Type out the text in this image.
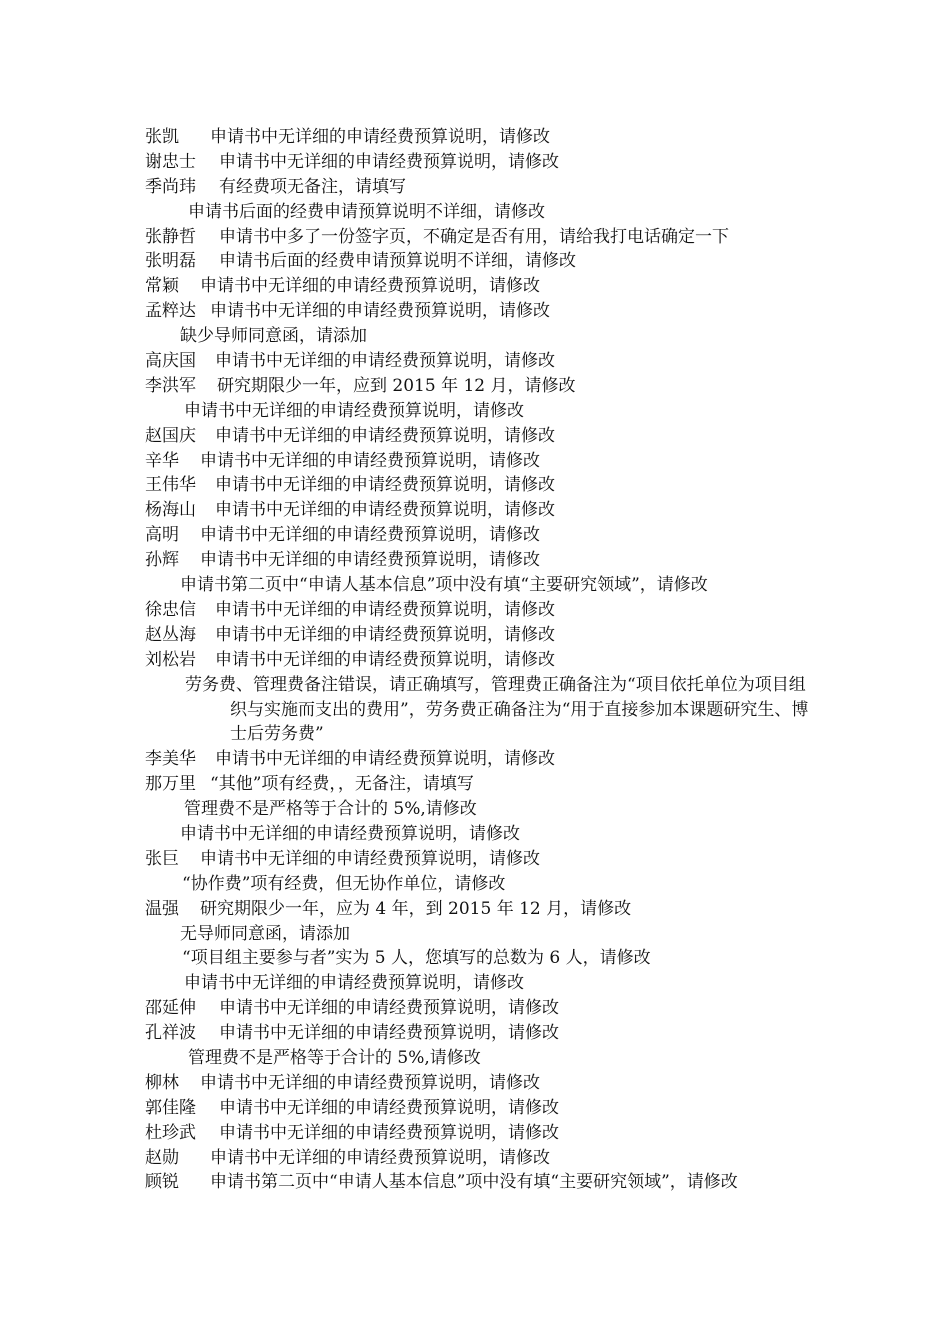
张凯 申请书中无详细的申请经费预算说明，请修改
谢忠士 申请书中无详细的申请经费预算说明，请修改
季尚玮 有经费项无备注，请填写
申请书后面的经费申请预算说明不详细，请修改
张静哲 申请书中多了一份签字页，不确定是否有用，请给我打电话确定一下
张明磊 申请书后面的经费申请预算说明不详细，请修改
常颖 申请书中无详细的申请经费预算说明，请修改
孟粹达 申请书中无详细的申请经费预算说明，请修改
缺少导师同意函，请添加
高庆国 申请书中无详细的申请经费预算说明，请修改
李洪军 研究期限少一年，应到 2015 年 12 月，请修改
申请书中无详细的申请经费预算说明，请修改
赵国庆 申请书中无详细的申请经费预算说明，请修改
辛华 申请书中无详细的申请经费预算说明，请修改
王伟华 申请书中无详细的申请经费预算说明，请修改
杨海山 申请书中无详细的申请经费预算说明，请修改
高明 申请书中无详细的申请经费预算说明，请修改
孙辉 申请书中无详细的申请经费预算说明，请修改
申请书第二页中“申请人基本信息”项中没有填“主要研究领域”，请修改
徐忠信 申请书中无详细的申请经费预算说明，请修改
赵丛海 申请书中无详细的申请经费预算说明，请修改
刘松岩 申请书中无详细的申请经费预算说明，请修改
劳务费、管理费备注错误，请正确填写，管理费正确备注为“项目依托单位为项目组织与实施而支出的费用”，劳务费正确备注为“用于直接参加本课题研究生、博士后劳务费”
李美华 申请书中无详细的申请经费预算说明，请修改
那万里 “其他”项有经费，，无备注，请填写
管理费不是严格等于合计的 5%,请修改
申请书中无详细的申请经费预算说明，请修改
张巨 申请书中无详细的申请经费预算说明，请修改
“协作费”项有经费，但无协作单位，请修改
温强 研究期限少一年，应为 4 年，到 2015 年 12 月，请修改
无导师同意函，请添加
“项目组主要参与者”实为 5 人，您填写的总数为 6 人，请修改
申请书中无详细的申请经费预算说明，请修改
邵延伸 申请书中无详细的申请经费预算说明，请修改
孔祥波 申请书中无详细的申请经费预算说明，请修改
管理费不是严格等于合计的 5%,请修改
柳林 申请书中无详细的申请经费预算说明，请修改
郭佳隆 申请书中无详细的申请经费预算说明，请修改
杜珍武 申请书中无详细的申请经费预算说明，请修改
赵勋 申请书中无详细的申请经费预算说明，请修改
顾锐 申请书第二页中“申请人基本信息”项中没有填“主要研究领域”，请修改
